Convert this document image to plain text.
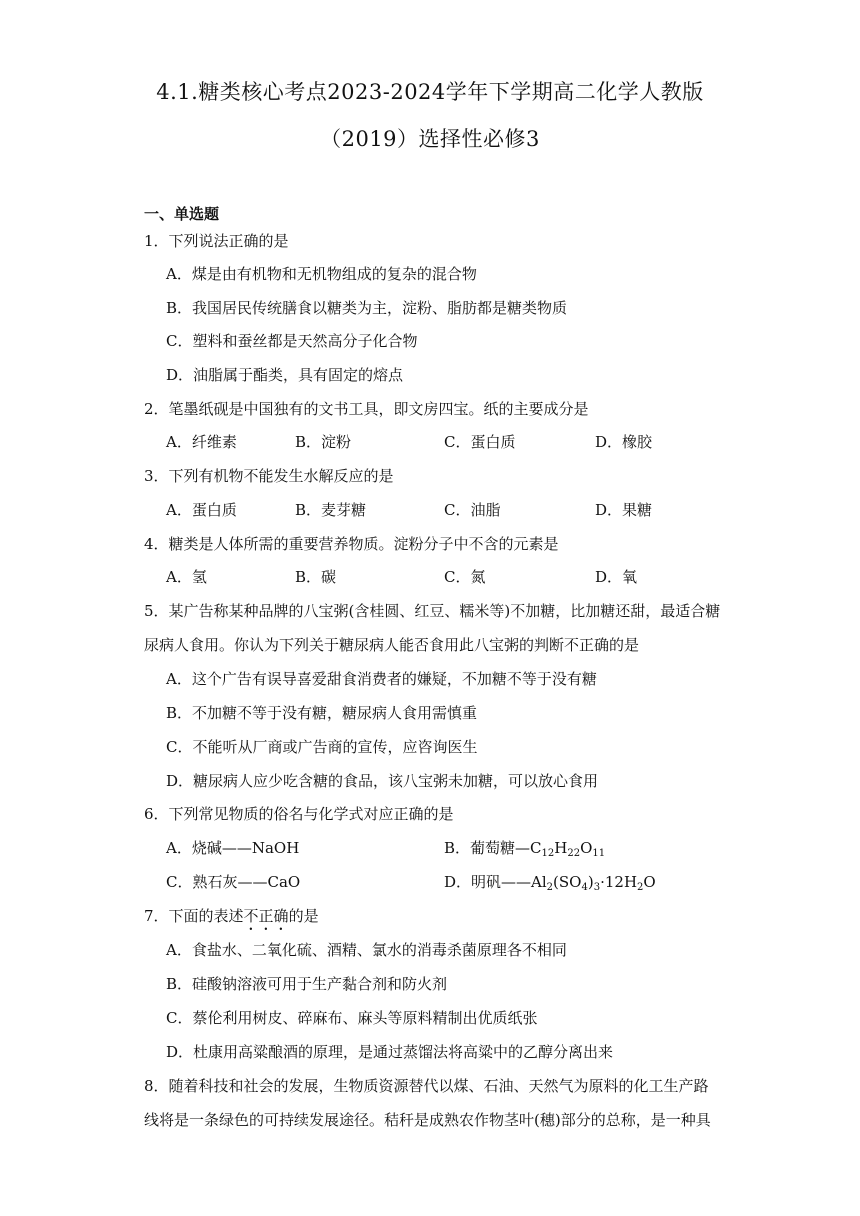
4.1.糖类核心考点2023-2024学年下学期高二化学人教版
（2019）选择性必修3
一、单选题
1．下列说法正确的是
A．煤是由有机物和无机物组成的复杂的混合物
B．我国居民传统膳食以糖类为主，淀粉、脂肪都是糖类物质
C．塑料和蚕丝都是天然高分子化合物
D．油脂属于酯类，具有固定的熔点
2．笔墨纸砚是中国独有的文书工具，即文房四宝。纸的主要成分是
A．纤维素	B．淀粉	C．蛋白质	D．橡胶
3．下列有机物不能发生水解反应的是
A．蛋白质	B．麦芽糖	C．油脂	D．果糖
4．糖类是人体所需的重要营养物质。淀粉分子中不含的元素是
A．氢	B．碳	C．氮	D．氧
5．某广告称某种品牌的八宝粥(含桂圆、红豆、糯米等)不加糖，比加糖还甜，最适合糖
尿病人食用。你认为下列关于糖尿病人能否食用此八宝粥的判断不正确的是
A．这个广告有误导喜爱甜食消费者的嫌疑，不加糖不等于没有糖
B．不加糖不等于没有糖，糖尿病人食用需慎重
C．不能听从厂商或广告商的宣传，应咨询医生
D．糖尿病人应少吃含糖的食品，该八宝粥未加糖，可以放心食用
6．下列常见物质的俗名与化学式对应正确的是
A．烧碱——NaOH	B．葡萄糖$—C_{12}H_{22}O_{11}$
C．熟石灰——CaO	D．明矾$——Al_2(SO_4)_3\cdot 12H_2O$
7．下面的表述不正确的是
A．食盐水、二氧化硫、酒精、氯水的消毒杀菌原理各不相同
B．硅酸钠溶液可用于生产黏合剂和防火剂
C．蔡伦利用树皮、碎麻布、麻头等原料精制出优质纸张
D．杜康用高粱酿酒的原理，是通过蒸馏法将高粱中的乙醇分离出来
8．随着科技和社会的发展，生物质资源替代以煤、石油、天然气为原料的化工生产路
线将是一条绿色的可持续发展途径。秸秆是成熟农作物茎叶(穗)部分的总称，是一种具
